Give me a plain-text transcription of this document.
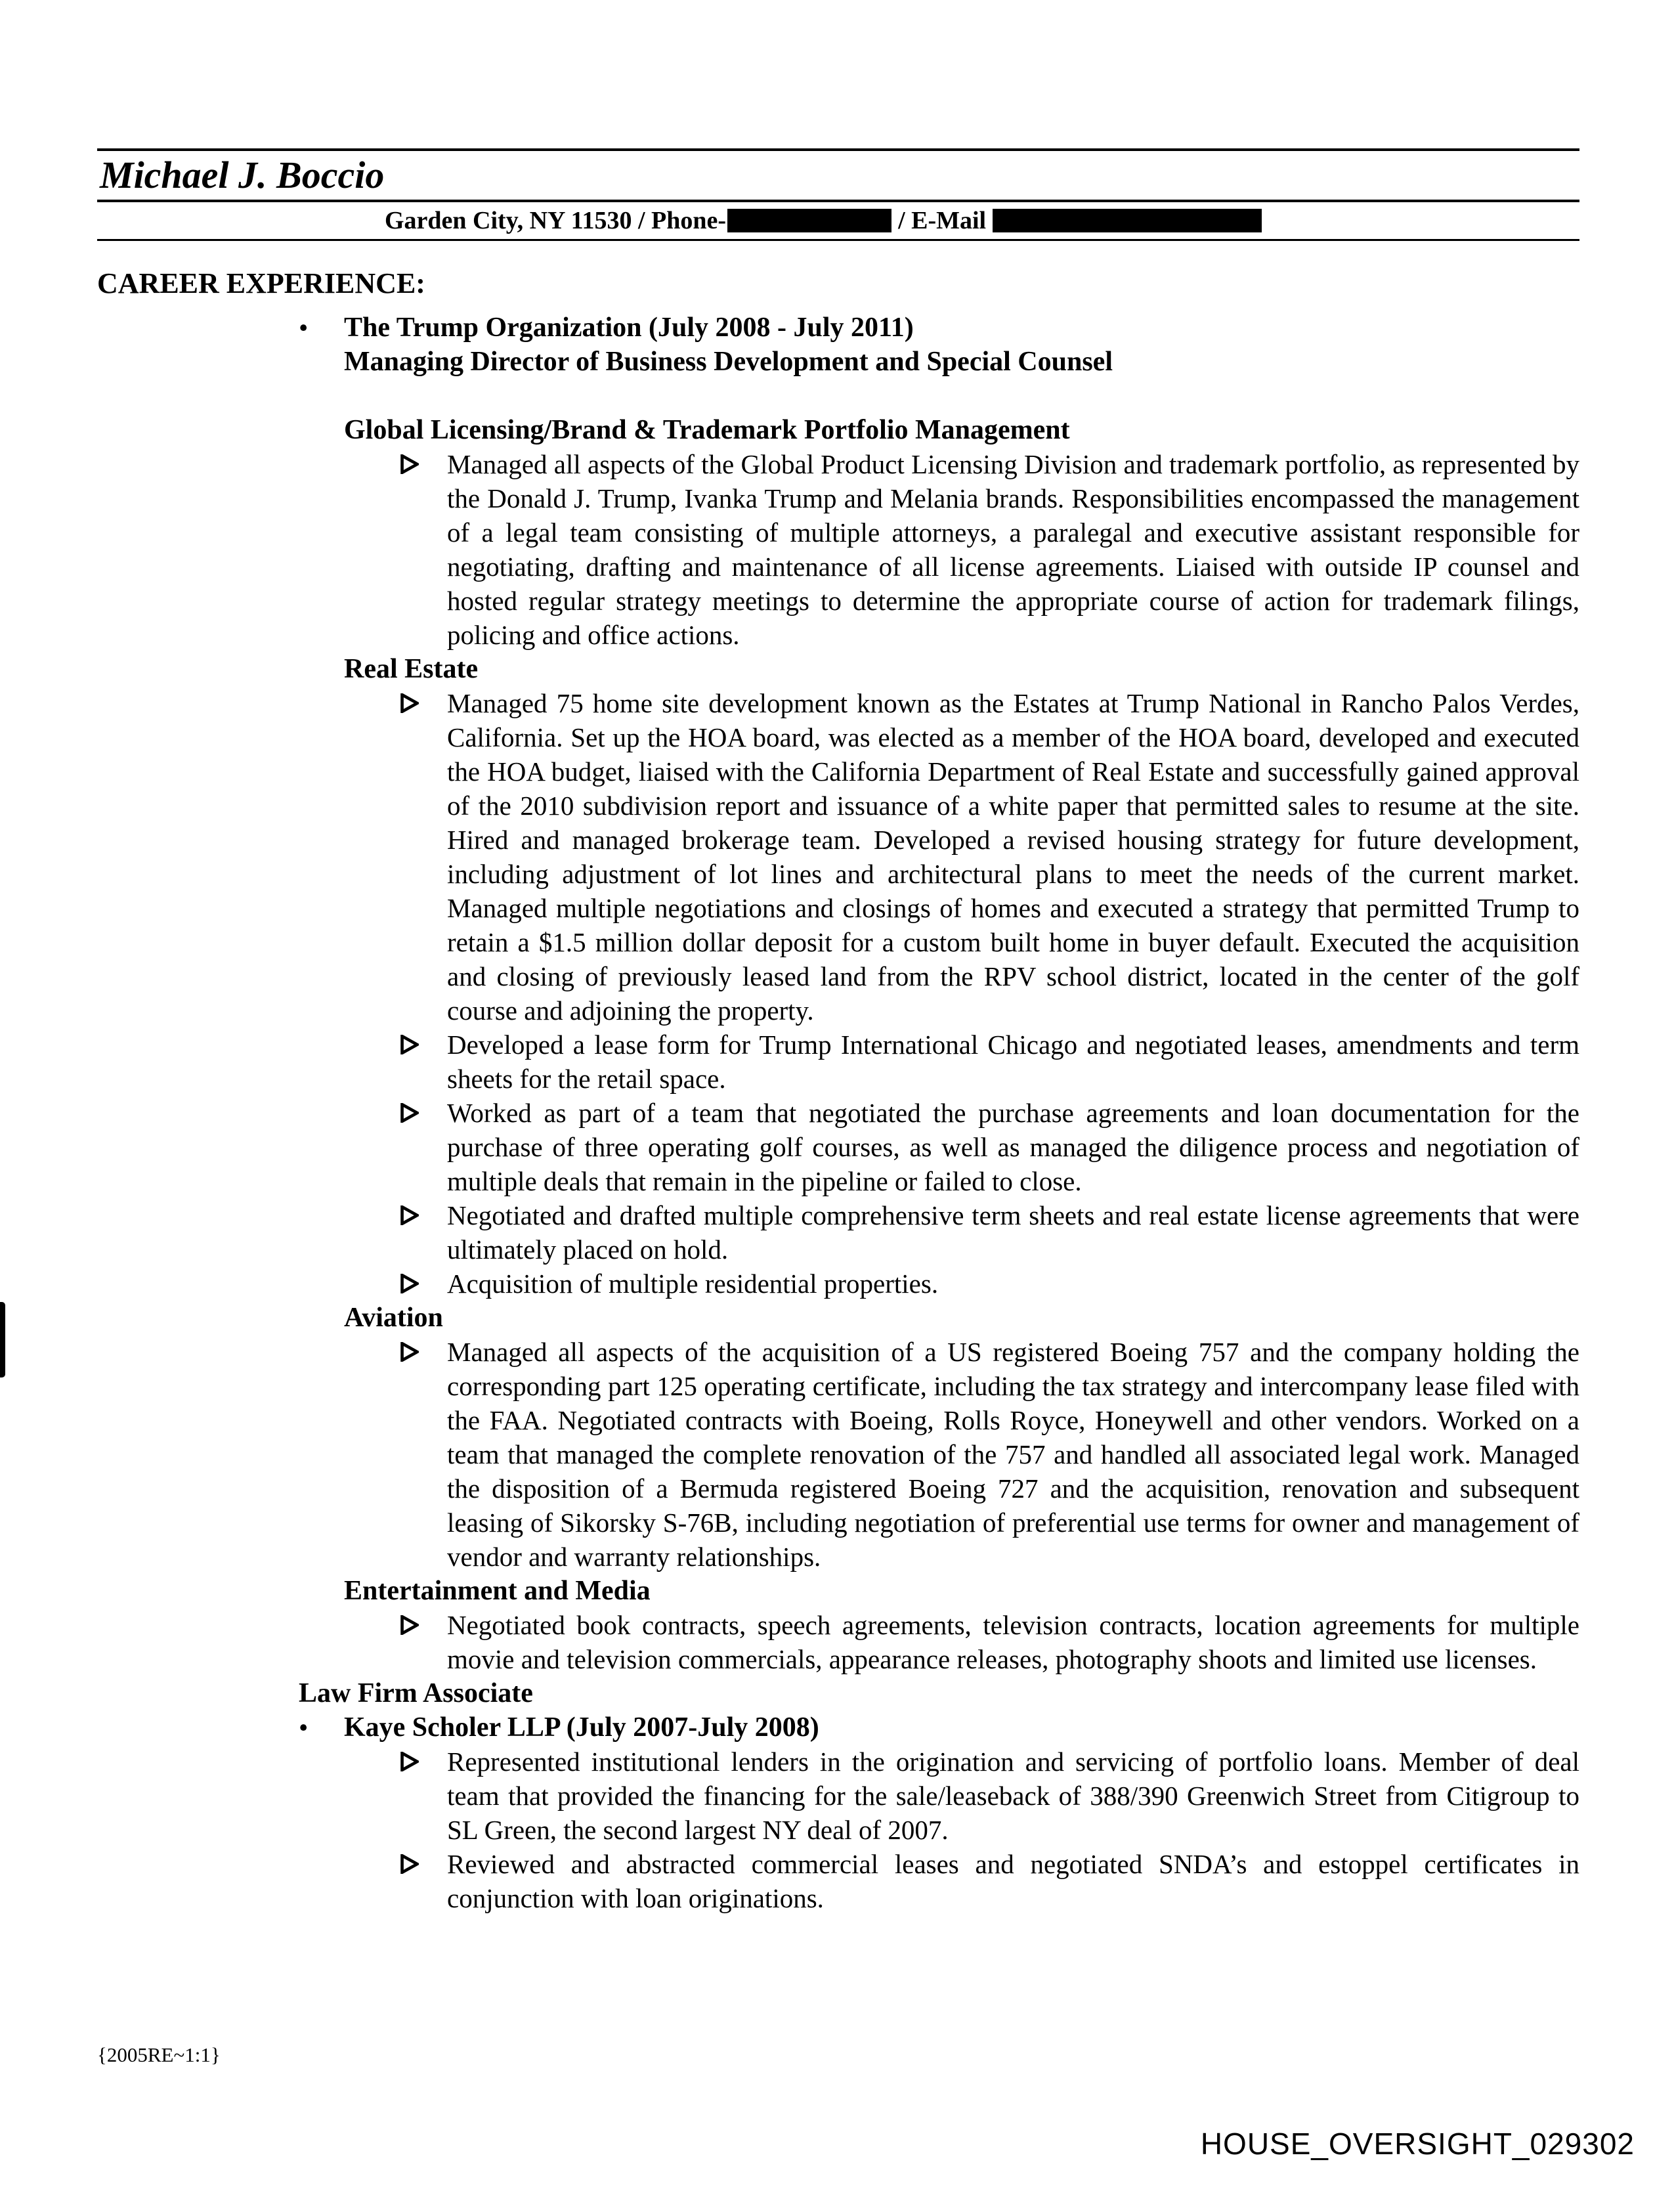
Michael J. Boccio
Garden City, NY 11530 / Phone-	/ E-Mail
CAREER EXPERIENCE:
•	The Trump Organization (July 2008 - July 2011)
Managing Director of Business Development and Special Counsel
Global Licensing/Brand & Trademark Portfolio Management

Managed all aspects of the Global Product Licensing Division and trademark portfolio, as represented by the Donald J. Trump, Ivanka Trump and Melania brands. Responsibilities encompassed the management of a legal team consisting of multiple attorneys, a paralegal and executive assistant responsible for negotiating, drafting and maintenance of all license agreements. Liaised with outside IP counsel and hosted regular strategy meetings to determine the appropriate course of action for trademark filings, policing and office actions.

Real Estate

Managed 75 home site development known as the Estates at Trump National in Rancho Palos Verdes, California. Set up the HOA board, was elected as a member of the HOA board, developed and executed the HOA budget, liaised with the California Department of Real Estate and successfully gained approval of the 2010 subdivision report and issuance of a white paper that permitted sales to resume at the site. Hired and managed brokerage team. Developed a revised housing strategy for future development, including adjustment of lot lines and architectural plans to meet the needs of the current market. Managed multiple negotiations and closings of homes and executed a strategy that permitted Trump to retain a $1.5 million dollar deposit for a custom built home in buyer default. Executed the acquisition and closing of previously leased land from the RPV school district, located in the center of the golf course and adjoining the property.

Developed a lease form for Trump International Chicago and negotiated leases, amendments and term sheets for the retail space.

Worked as part of a team that negotiated the purchase agreements and loan documentation for the purchase of three operating golf courses, as well as managed the diligence process and negotiation of multiple deals that remain in the pipeline or failed to close.

Negotiated and drafted multiple comprehensive term sheets and real estate license agreements that were ultimately placed on hold.

Acquisition of multiple residential properties.

Aviation

Managed all aspects of the acquisition of a US registered Boeing 757 and the company holding the corresponding part 125 operating certificate, including the tax strategy and intercompany lease filed with the FAA. Negotiated contracts with Boeing, Rolls Royce, Honeywell and other vendors. Worked on a team that managed the complete renovation of the 757 and handled all associated legal work. Managed the disposition of a Bermuda registered Boeing 727 and the acquisition, renovation and subsequent leasing of Sikorsky S-76B, including negotiation of preferential use terms for owner and management of vendor and warranty relationships.

Entertainment and Media

Negotiated book contracts, speech agreements, television contracts, location agreements for multiple movie and television commercials, appearance releases, photography shoots and limited use licenses.

Law Firm Associate
•	Kaye Scholer LLP (July 2007-July 2008)

Represented institutional lenders in the origination and servicing of portfolio loans. Member of deal team that provided the financing for the sale/leaseback of 388/390 Greenwich Street from Citigroup to SL Green, the second largest NY deal of 2007.

Reviewed and abstracted commercial leases and negotiated SNDA’s and estoppel certificates in conjunction with loan originations.

{2005RE~1:1}
HOUSE_OVERSIGHT_029302
